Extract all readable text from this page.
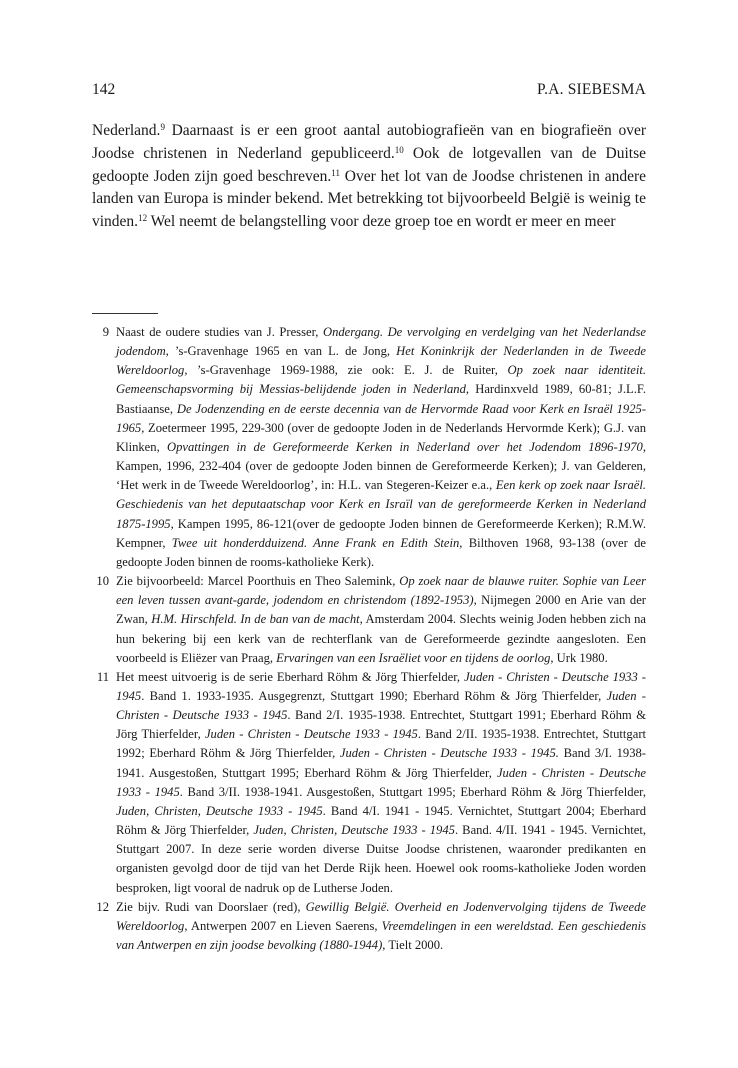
142	P.A. SIEBESMA

Nederland.$^9$ Daarnaast is er een groot aantal autobiografieën van en biografieën over Joodse christenen in Nederland gepubliceerd.$^{10}$ Ook de lotgevallen van de Duitse gedoopte Joden zijn goed beschreven.$^{11}$ Over het lot van de Joodse christenen in andere landen van Europa is minder bekend. Met betrekking tot bijvoorbeeld België is weinig te vinden.$^{12}$ Wel neemt de belangstelling voor deze groep toe en wordt er meer en meer

9 Naast de oudere studies van J. Presser, Ondergang. De vervolging en verdelging van het Nederlandse jodendom, ’s-Gravenhage 1965 en van L. de Jong, Het Koninkrijk der Nederlanden in de Tweede Wereldoorlog, ’s-Gravenhage 1969-1988, zie ook: E. J. de Ruiter, Op zoek naar identiteit. Gemeenschapsvorming bij Messias-belijdende joden in Nederland, Hardinxveld 1989, 60-81; J.L.F. Bastiaanse, De Jodenzending en de eerste decennia van de Hervormde Raad voor Kerk en Israël 1925-1965, Zoetermeer 1995, 229-300 (over de gedoopte Joden in de Nederlands Hervormde Kerk); G.J. van Klinken, Opvattingen in de Gereformeerde Kerken in Nederland over het Jodendom 1896-1970, Kampen, 1996, 232-404 (over de gedoopte Joden binnen de Gereformeerde Kerken); J. van Gelderen, ‘Het werk in de Tweede Wereldoorlog’, in: H.L. van Stegeren-Keizer e.a., Een kerk op zoek naar Israël. Geschiedenis van het deputaatschap voor Kerk en Israïl van de gereformeerde Kerken in Nederland 1875-1995, Kampen 1995, 86-121(over de gedoopte Joden binnen de Gereformeerde Kerken); R.M.W. Kempner, Twee uit honderdduizend. Anne Frank en Edith Stein, Bilthoven 1968, 93-138 (over de gedoopte Joden binnen de rooms-katholieke Kerk).
10 Zie bijvoorbeeld: Marcel Poorthuis en Theo Salemink, Op zoek naar de blauwe ruiter. Sophie van Leer een leven tussen avant-garde, jodendom en christendom (1892-1953), Nijmegen 2000 en Arie van der Zwan, H.M. Hirschfeld. In de ban van de macht, Amsterdam 2004. Slechts weinig Joden hebben zich na hun bekering bij een kerk van de rechterflank van de Gereformeerde gezindte aangesloten. Een voorbeeld is Eliëzer van Praag, Ervaringen van een Israëliet voor en tijdens de oorlog, Urk 1980.
11 Het meest uitvoerig is de serie Eberhard Röhm & Jörg Thierfelder, Juden - Christen - Deutsche 1933 - 1945. Band 1. 1933-1935. Ausgegrenzt, Stuttgart 1990; Eberhard Röhm & Jörg Thierfelder, Juden - Christen - Deutsche 1933 - 1945. Band 2/I. 1935-1938. Entrechtet, Stuttgart 1991; Eberhard Röhm & Jörg Thierfelder, Juden - Christen - Deutsche 1933 - 1945. Band 2/II. 1935-1938. Entrechtet, Stuttgart 1992; Eberhard Röhm & Jörg Thierfelder, Juden - Christen - Deutsche 1933 - 1945. Band 3/I. 1938-1941. Ausgestoßen, Stuttgart 1995; Eberhard Röhm & Jörg Thierfelder, Juden - Christen - Deutsche 1933 - 1945. Band 3/II. 1938-1941. Ausgestoßen, Stuttgart 1995; Eberhard Röhm & Jörg Thierfelder, Juden, Christen, Deutsche 1933 - 1945. Band 4/I. 1941 - 1945. Vernichtet, Stuttgart 2004; Eberhard Röhm & Jörg Thierfelder, Juden, Christen, Deutsche 1933 - 1945. Band. 4/II. 1941 - 1945. Vernichtet, Stuttgart 2007. In deze serie worden diverse Duitse Joodse christenen, waaronder predikanten en organisten gevolgd door de tijd van het Derde Rijk heen. Hoewel ook rooms-katholieke Joden worden besproken, ligt vooral de nadruk op de Lutherse Joden.
12 Zie bijv. Rudi van Doorslaer (red), Gewillig België. Overheid en Jodenvervolging tijdens de Tweede Wereldoorlog, Antwerpen 2007 en Lieven Saerens, Vreemdelingen in een wereldstad. Een geschiedenis van Antwerpen en zijn joodse bevolking (1880-1944), Tielt 2000.
